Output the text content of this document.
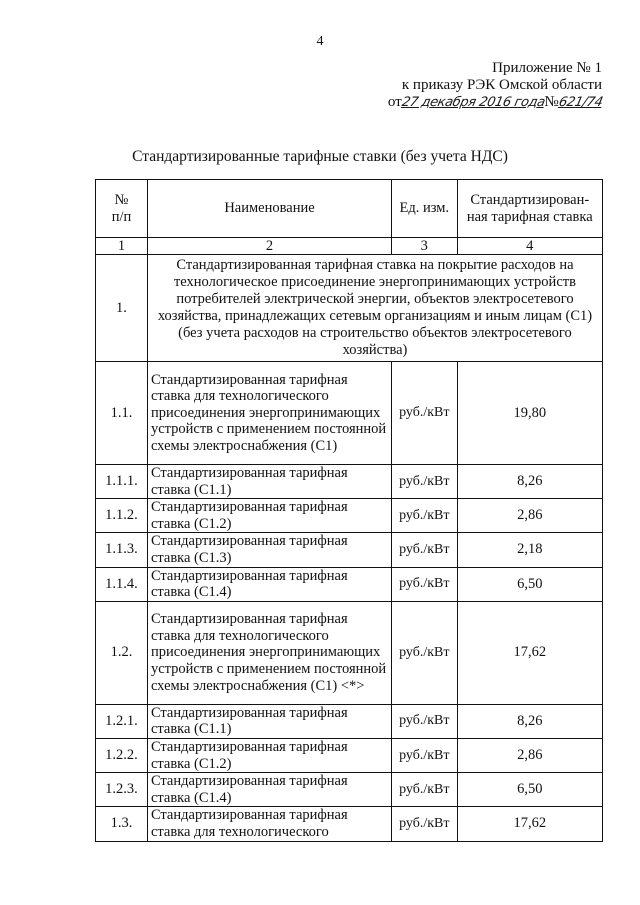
4
Приложение № 1
к приказу РЭК Омской области
от27 декабря 2016 года№621/74
Стандартизированные тарифные ставки (без учета НДС)
№ п/п	Наименование	Ед. изм.	Стандартизирован-ная тарифная ставка

1	2	3	4
1.	Стандартизированная тарифная ставка на покрытие расходов на технологическое присоединение энергопринимающих устройств потребителей электрической энергии, объектов электросетевого хозяйства, принадлежащих сетевым организациям и иным лицам (С1) (без учета расходов на строительство объектов электросетевого хозяйства)		
1.1.	Стандартизированная тарифная ставка для технологического присоединения энергопринимающих устройств с применением постоянной схемы электроснабжения (С1)	руб./кВт	19,80
1.1.1.	Стандартизированная тарифная ставка (С1.1)	руб./кВт	8,26
1.1.2.	Стандартизированная тарифная ставка (С1.2)	руб./кВт	2,86
1.1.3.	Стандартизированная тарифная ставка (С1.3)	руб./кВт	2,18
1.1.4.	Стандартизированная тарифная ставка (С1.4)	руб./кВт	6,50
1.2.	Стандартизированная тарифная ставка для технологического присоединения энергопринимающих устройств с применением постоянной схемы электроснабжения (С1) <*>	руб./кВт	17,62
1.2.1.	Стандартизированная тарифная ставка (С1.1)	руб./кВт	8,26
1.2.2.	Стандартизированная тарифная ставка (С1.2)	руб./кВт	2,86
1.2.3.	Стандартизированная тарифная ставка (С1.4)	руб./кВт	6,50
1.3.	Стандартизированная тарифная ставка для технологического	руб./кВт	17,62
